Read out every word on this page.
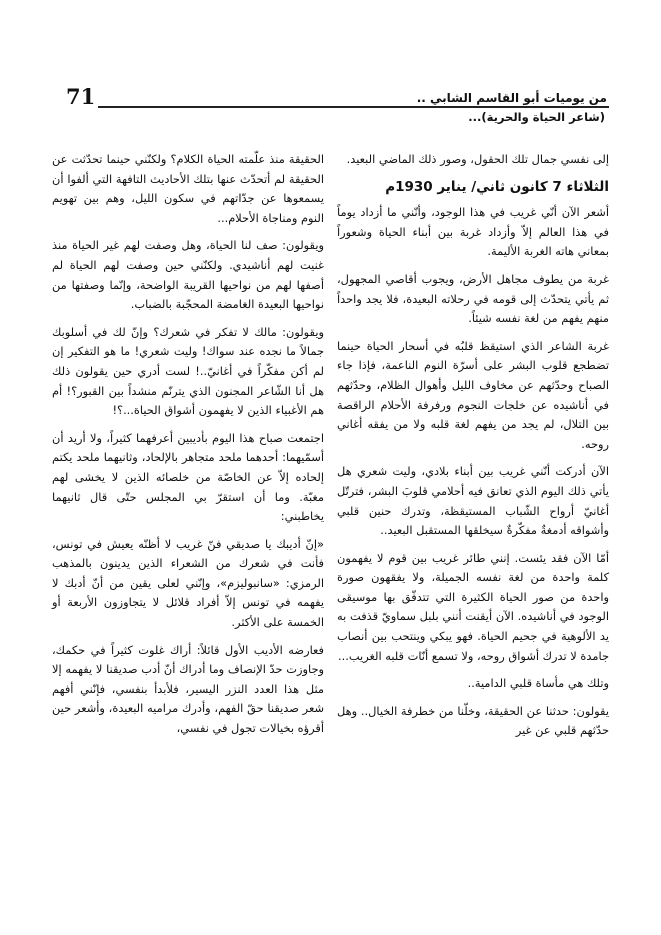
71	من يوميات أبو القاسم الشابي ..
(شاعر الحياة والحرية)...

إلى نفسي جمال تلك الحقول، وصور ذلك الماضي البعيد.

الثلاثاء 7 كانون ثاني/ يناير 1930م

أشعر الآن أنّي غريب في هذا الوجود، وأنّني ما أزداد يوماً في هذا العالم إلاّ وأزداد غربة بين أبناء الحياة وشعوراً بمعاني هاته الغربة الأليمة.

غربة من يطوف مجاهل الأرض، ويجوب أقاصي المجهول، ثم يأتي يتحدّث إلى قومه في رحلاته البعيدة، فلا يجد واحداً منهم يفهم من لغة نفسه شيئاً.

غربة الشاعر الذي استيقظ قلبُه في أسحار الحياة حينما تضطجع قلوب البشر على أسرّة النوم الناعمة، فإذا جاء الصباح وحدّثهم عن مخاوف الليل وأهوال الظلام، وحدّثهم في أناشيده عن خلجات النجوم ورفرفة الأحلام الراقصة بين التلال، لم يجد من يفهم لغة قلبه ولا من يفقه أغاني روحه.

الآن أدركت أنّني غريب بين أبناء بلادي، وليت شعري هل يأتي ذلك اليوم الذي تعانق فيه أحلامي قلوبَ البشر، فترتّل أغانيّ أرواح الشّباب المستيقظة، وتدرك حنين قلبي وأشواقه أدمغةٌ مفكّرةٌ سيخلقها المستقبل البعيد..

أمّا الآن فقد يئست. إنني طائر غريب بين قوم لا يفهمون كلمة واحدة من لغة نفسه الجميلة، ولا يفقهون صورة واحدة من صور الحياة الكثيرة التي تتدفّق بها موسيقى الوجود في أناشيده. الآن أيقنت أنني بلبل سماويّ قذفت به يد الألوهية في جحيم الحياة. فهو يبكي وينتحب بين أنصاب جامدة لا تدرك أشواق روحه، ولا تسمع أنّات قلبه الغريب...

وتلك هي مأساة قلبي الدامية..

يقولون: حدثنا عن الحقيقة، وخلّنا من خطرفة الخيال.. وهل حدّثهم قلبي عن غير

الحقيقة منذ علّمته الحياة الكلام؟ ولكنّني حينما تحدّثت عن الحقيقة لم أتحدّث عنها بتلك الأحاديث التافهة التي ألفوا أن يسمعوها عن جدّاتهم في سكون الليل، وهم بين تهويم النوم ومناجاة الأحلام...

ويقولون: صف لنا الحياة، وهل وصفت لهم غير الحياة منذ غنيت لهم أناشيدي. ولكنّني حين وصفت لهم الحياة لم أصفها لهم من نواحيها القريبة الواضحة، وإنّما وصفتها من نواحيها البعيدة الغامضة المحجّبة بالضباب.

ويقولون: مالك لا تفكر في شعرك؟ وإنّ لك في أسلوبك جمالاً ما نجده عند سواك! وليت شعري! ما هو التفكير إن لم أكن مفكّراً في أغانيّ..! لست أدري حين يقولون ذلك هل أنا الشّاعر المجنون الذي يترنّم منشداً بين القبور؟! أم هم الأغبياء الذين لا يفهمون أشواق الحياة...؟!

اجتمعت صباح هذا اليوم بأديبين أعرفهما كثيراً، ولا أريد أن أسمّيهما: أحدهما ملحد متجاهر بالإلحاد، وثانيهما ملحد يكتم إلحاده إلاّ عن الخاصّة من خلصائه الذين لا يخشى لهم مغبّة. وما أن استقرّ بي المجلس حتّى قال ثانيهما يخاطبني:

«إنّ أديبك يا صديقي فنّ غريب لا أظنّه يعيش في تونس، فأنت في شعرك من الشعراء الذين يدينون بالمذهب الرمزي: «سانبوليزم»، وإنّني لعلى يقين من أنّ أدبك لا يفهمه في تونس إلاّ أفراد قلائل لا يتجاوزون الأربعة أو الخمسة على الأكثر.

فعارضه الأديب الأول قائلاً: أراك غلوت كثيراً في حكمك، وجاوزت حدّ الإنصاف وما أدراك أنّ أدب صديقنا لا يفهمه إلا مثل هذا العدد النزر اليسير، فلأبدأ بنفسي، فإنّني أفهم شعر صديقنا حقّ الفهم، وأدرك مراميه البعيدة، وأشعر حين أقرؤه بخيالات تجول في نفسي،
